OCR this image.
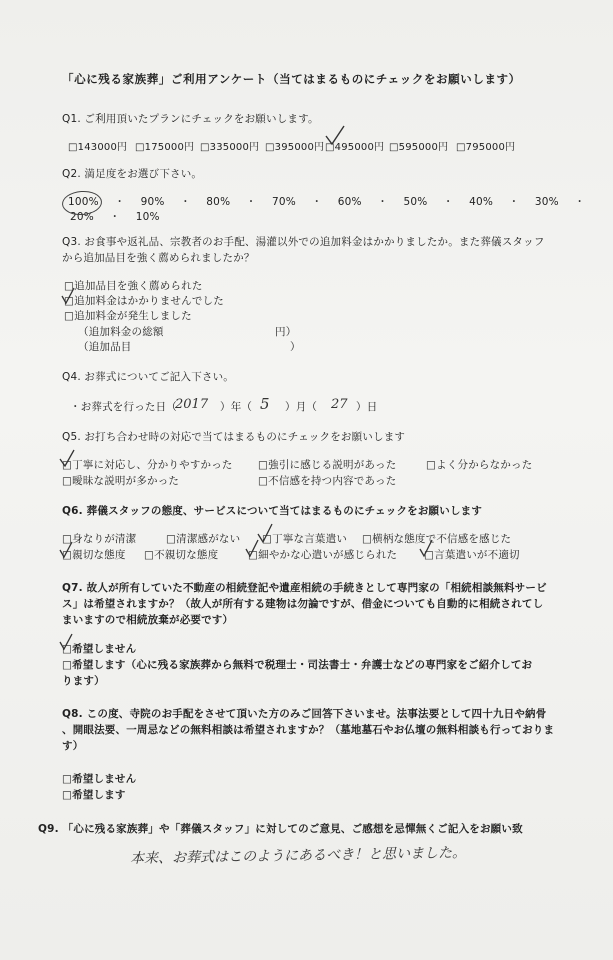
「心に残る家族葬」ご利用アンケート（当てはまるものにチェックをお願いします）
Q1. ご利用頂いたプランにチェックをお願いします。
□143000円 □175000円 □335000円 □395000円 □495000円 □595000円 □795000円
Q2. 満足度をお選び下さい。
100% ・ 90% ・ 80% ・ 70% ・ 60% ・ 50% ・ 40% ・ 30% ・
20% ・ 10%
Q3. お食事や返礼品、宗教者のお手配、湯灌以外での追加料金はかかりましたか。また葬儀スタッフ
から追加品目を強く薦められましたか？
□追加品目を強く薦められた
□追加料金はかかりませんでした
□追加料金が発生しました
（追加料金の総額	円）
（追加品目	）
Q4. お葬式についてご記入下さい。
・お葬式を行った日（
2017 ）年（ 5 ）月（ 27 ）日
Q5. お打ち合わせ時の対応で当てはまるものにチェックをお願いします
□丁寧に対応し、分かりやすかった □強引に感じる説明があった	□よく分からなかった
□曖昧な説明が多かった	□不信感を持つ内容であった
Q6. 葬儀スタッフの態度、サービスについて当てはまるものにチェックをお願いします
□身なりが清潔	□清潔感がない □丁寧な言葉遣い □横柄な態度で不信感を感じた
□親切な態度 □不親切な態度	□細やかな心遣いが感じられた	□言葉遣いが不適切
Q7. 故人が所有していた不動産の相続登記や遺産相続の手続きとして専門家の「相続相談無料サービ
ス」は希望されますか？（故人が所有する建物は勿論ですが、借金についても自動的に相続されてし
まいますので相続放棄が必要です）
□希望しません
□希望します（心に残る家族葬から無料で税理士・司法書士・弁護士などの専門家をご紹介してお
ります）
Q8. この度、寺院のお手配をさせて頂いた方のみご回答下さいませ。法事法要として四十九日や納骨
、開眼法要、一周忌などの無料相談は希望されますか？（墓地墓石やお仏壇の無料相談も行っておりま
す）
□希望しません
□希望します
Q9. 「心に残る家族葬」や「葬儀スタッフ」に対してのご意見、ご感想を忌憚無くご記入をお願い致
本来、お葬式はこのようにあるべき！と思いました。
